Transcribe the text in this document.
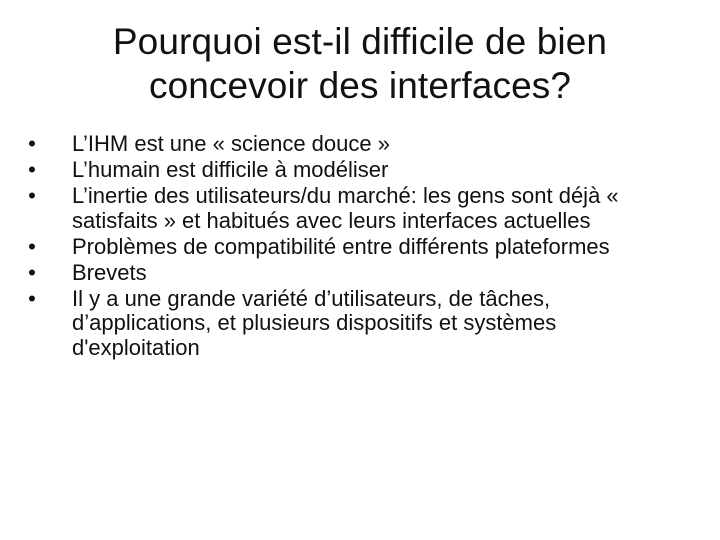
Pourquoi est-il difficile de bien
concevoir des interfaces?
• L’IHM est une « science douce »
• L’humain est difficile à modéliser
• L’inertie des utilisateurs/du marché: les gens sont déjà « satisfaits » et habitués avec leurs interfaces actuelles
• Problèmes de compatibilité entre différents plateformes
• Brevets
• Il y a une grande variété d’utilisateurs, de tâches, d’applications, et plusieurs dispositifs et systèmes d'exploitation
